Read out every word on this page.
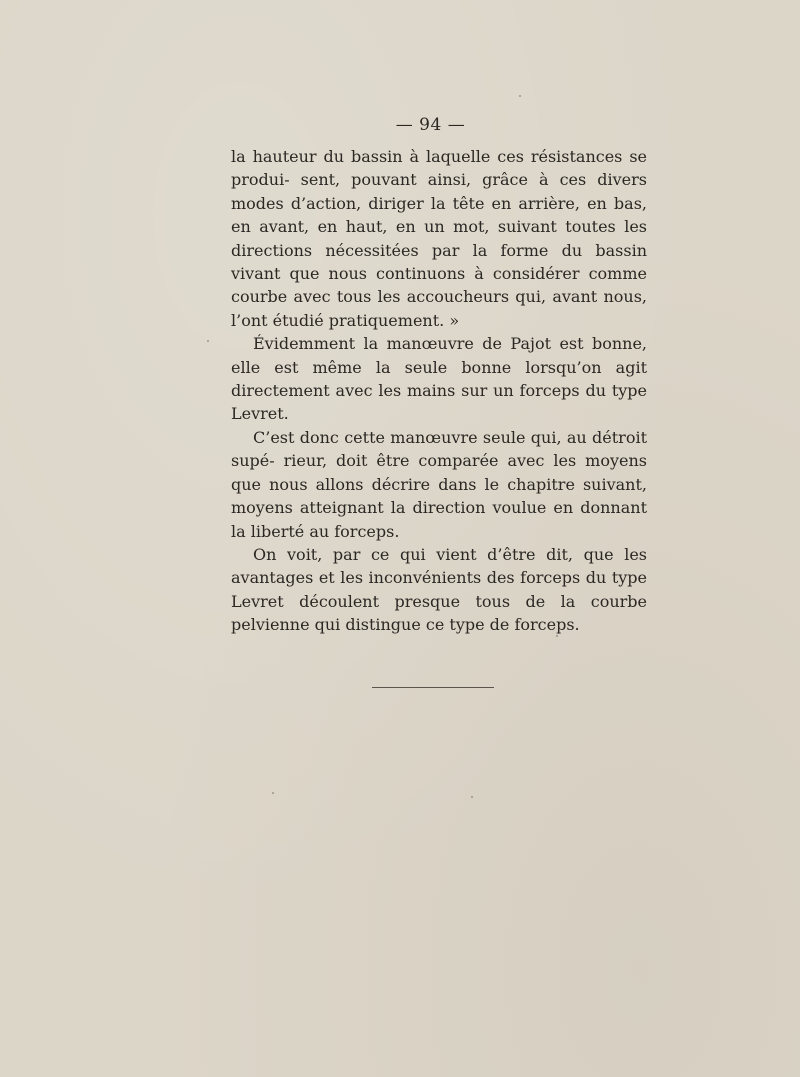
— 94 —

la hauteur du bassin à laquelle ces résistances se produi- sent, pouvant ainsi, grâce à ces divers modes d’action, diriger la tête en arrière, en bas, en avant, en haut, en un mot, suivant toutes les directions nécessitées par la forme du bassin vivant que nous continuons à considérer comme courbe avec tous les accoucheurs qui, avant nous, l’ont étudié pratiquement. »

Évidemment la manœuvre de Pajot est bonne, elle est même la seule bonne lorsqu’on agit directement avec les mains sur un forceps du type Levret.

C’est donc cette manœuvre seule qui, au détroit supé- rieur, doit être comparée avec les moyens que nous allons décrire dans le chapitre suivant, moyens atteignant la direction voulue en donnant la liberté au forceps.

On voit, par ce qui vient d’être dit, que les avantages et les inconvénients des forceps du type Levret découlent presque tous de la courbe pelvienne qui distingue ce type de forceps.
